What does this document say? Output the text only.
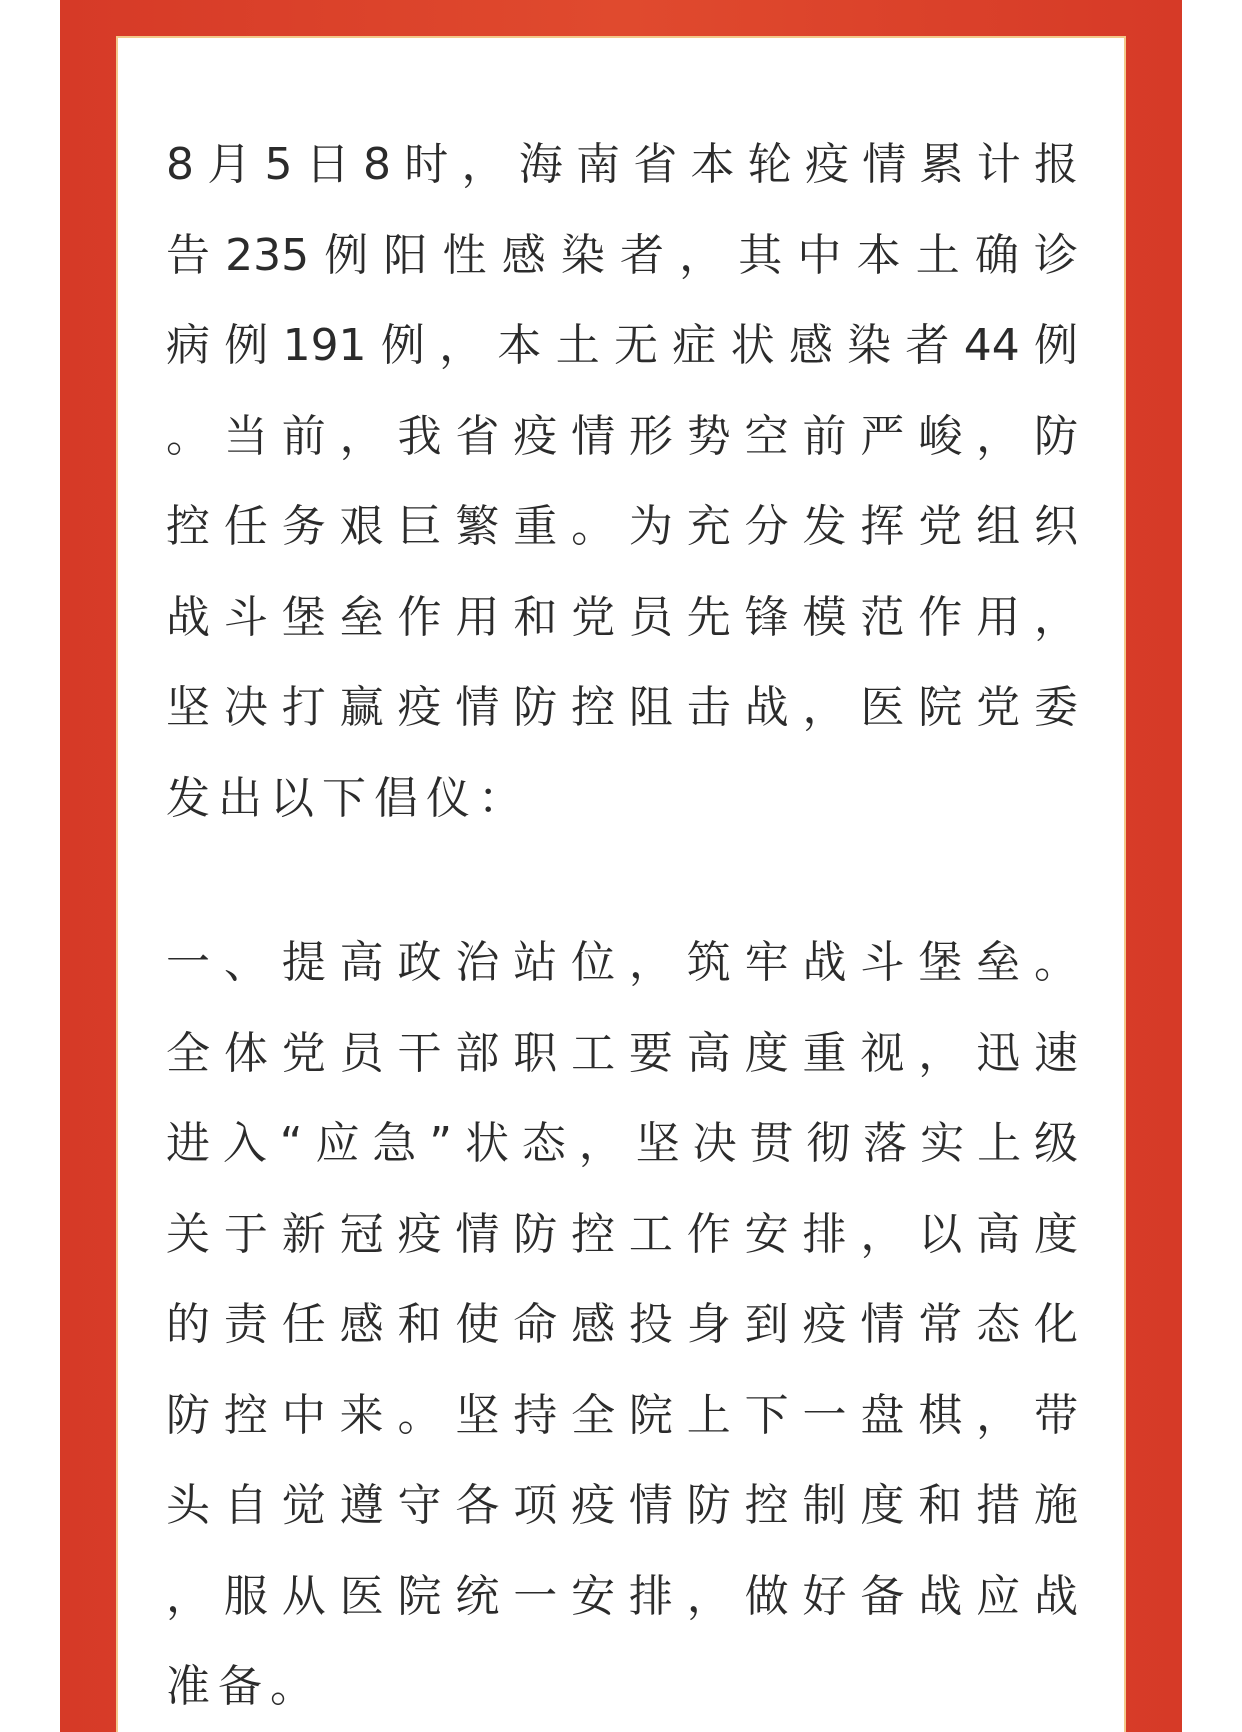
8月5日8时，海南省本轮疫情累计报
告235例阳性感染者，其中本土确诊
病例191例，本土无症状感染者44例
。当前，我省疫情形势空前严峻，防
控任务艰巨繁重。为充分发挥党组织
战斗堡垒作用和党员先锋模范作用，
坚决打赢疫情防控阻击战，医院党委
发出以下倡仪：
一、提高政治站位，筑牢战斗堡垒。
全体党员干部职工要高度重视，迅速
进入“应急”状态，坚决贯彻落实上级
关于新冠疫情防控工作安排，以高度
的责任感和使命感投身到疫情常态化
防控中来。坚持全院上下一盘棋，带
头自觉遵守各项疫情防控制度和措施
，服从医院统一安排，做好备战应战
准备。
